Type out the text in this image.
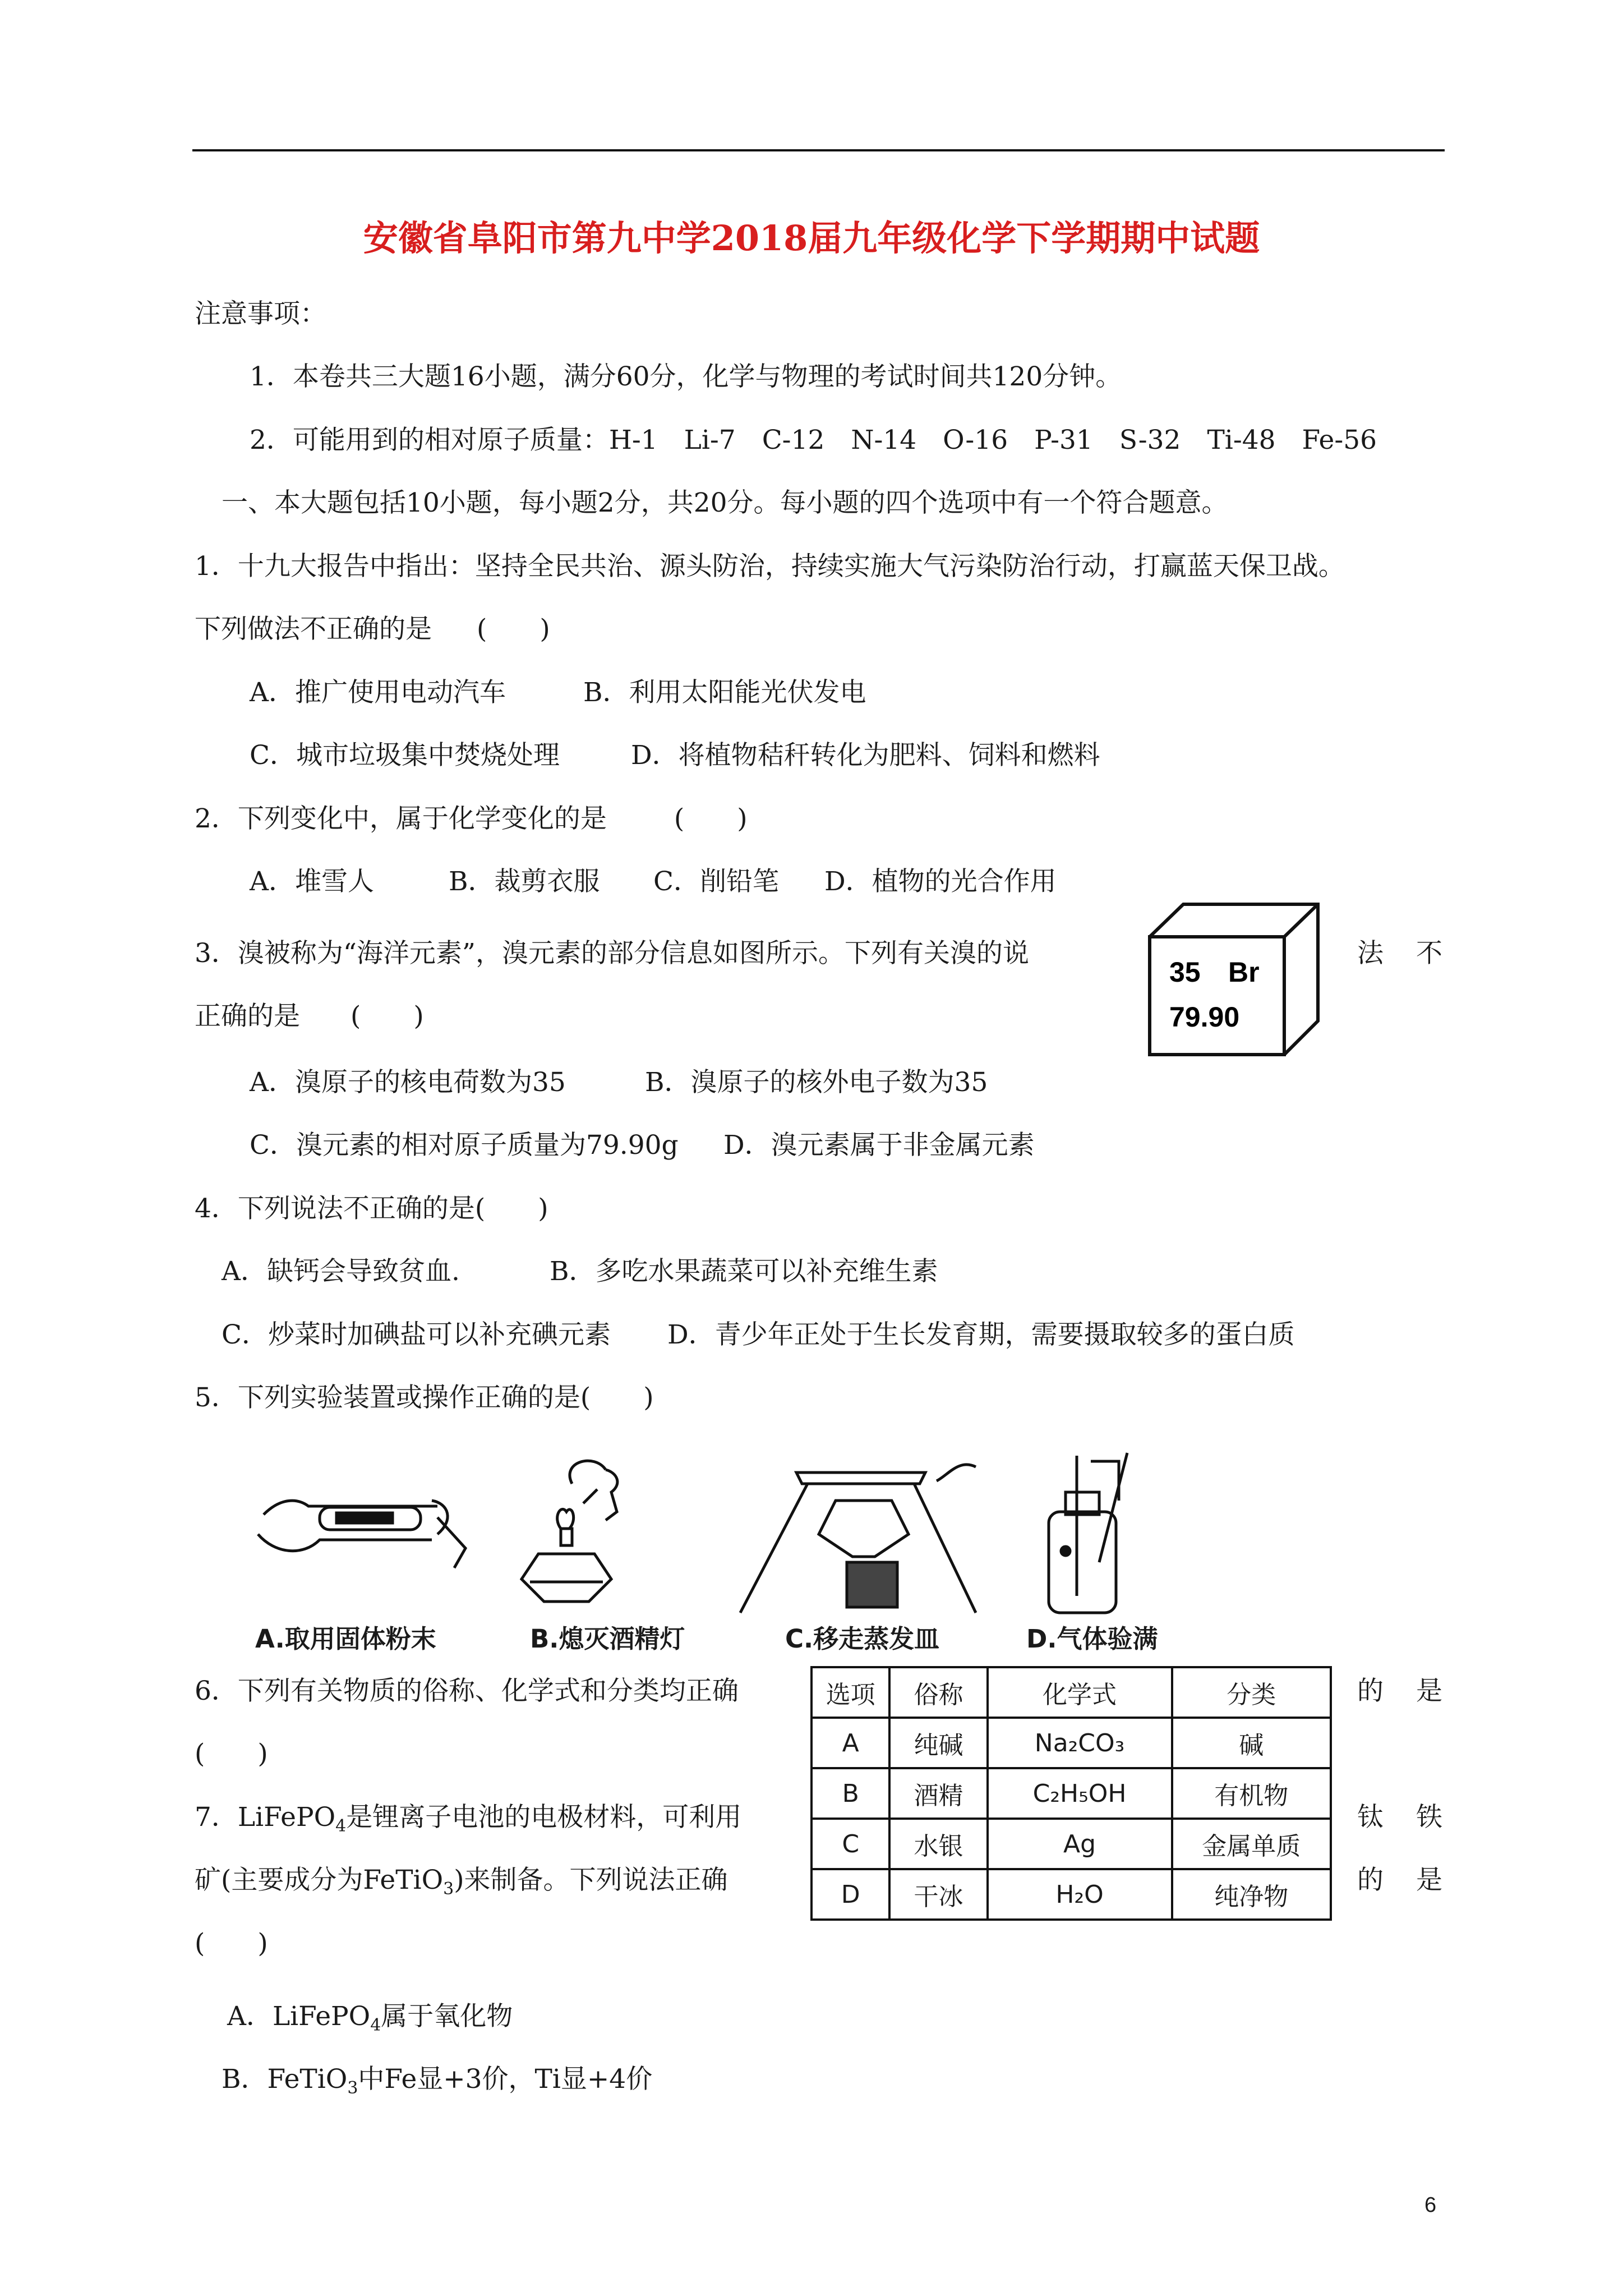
安徽省阜阳市第九中学2018届九年级化学下学期期中试题
注意事项：
1．本卷共三大题16小题，满分60分，化学与物理的考试时间共120分钟。
2．可能用到的相对原子质量：H-1　Li-7　C-12　N-14　O-16　P-31　S-32　Ti-48　Fe-56
一、本大题包括10小题，每小题2分，共20分。每小题的四个选项中有一个符合题意。
1．十九大报告中指出：坚持全民共治、源头防治，持续实施大气污染防治行动，打赢蓝天保卫战。
下列做法不正确的是 (　　)
A．推广使用电动汽车	B．利用太阳能光伏发电
C．城市垃圾集中焚烧处理	D．将植物秸秆转化为肥料、饲料和燃料
2．下列变化中，属于化学变化的是	(　　)
A．堆雪人	B．裁剪衣服 C．削铅笔 D．植物的光合作用
3．溴被称为“海洋元素”，溴元素的部分信息如图所示。下列有关溴的说	法 不
正确的是 (　　)
35 Br
79.90
A．溴原子的核电荷数为35	B．溴原子的核外电子数为35
C．溴元素的相对原子质量为79.90g D．溴元素属于非金属元素
4．下列说法不正确的是(　　)
A．缺钙会导致贫血.	B．多吃水果蔬菜可以补充维生素
C．炒菜时加碘盐可以补充碘元素 D．青少年正处于生长发育期，需要摄取较多的蛋白质
5．下列实验装置或操作正确的是(　　)
A.取用固体粉末	B.熄灭酒精灯	C.移走蒸发皿	D.气体验满
6．下列有关物质的俗称、化学式和分类均正确	的 是
(　　)
选项	俗称	化学式	分类
A	纯碱	Na₂CO₃	碱
B	酒精	C₂H₅OH	有机物
C	水银	Ag	金属单质
D	干冰	H₂O	纯净物
7．LiFePO$_4$是锂离子电池的电极材料，可利用	钛 铁
矿(主要成分为FeTiO$_3$)来制备。下列说法正确	的 是
(　　)
A．LiFePO$_4$属于氧化物
B．FeTiO$_3$中Fe显+3价，Ti显+4价
6
